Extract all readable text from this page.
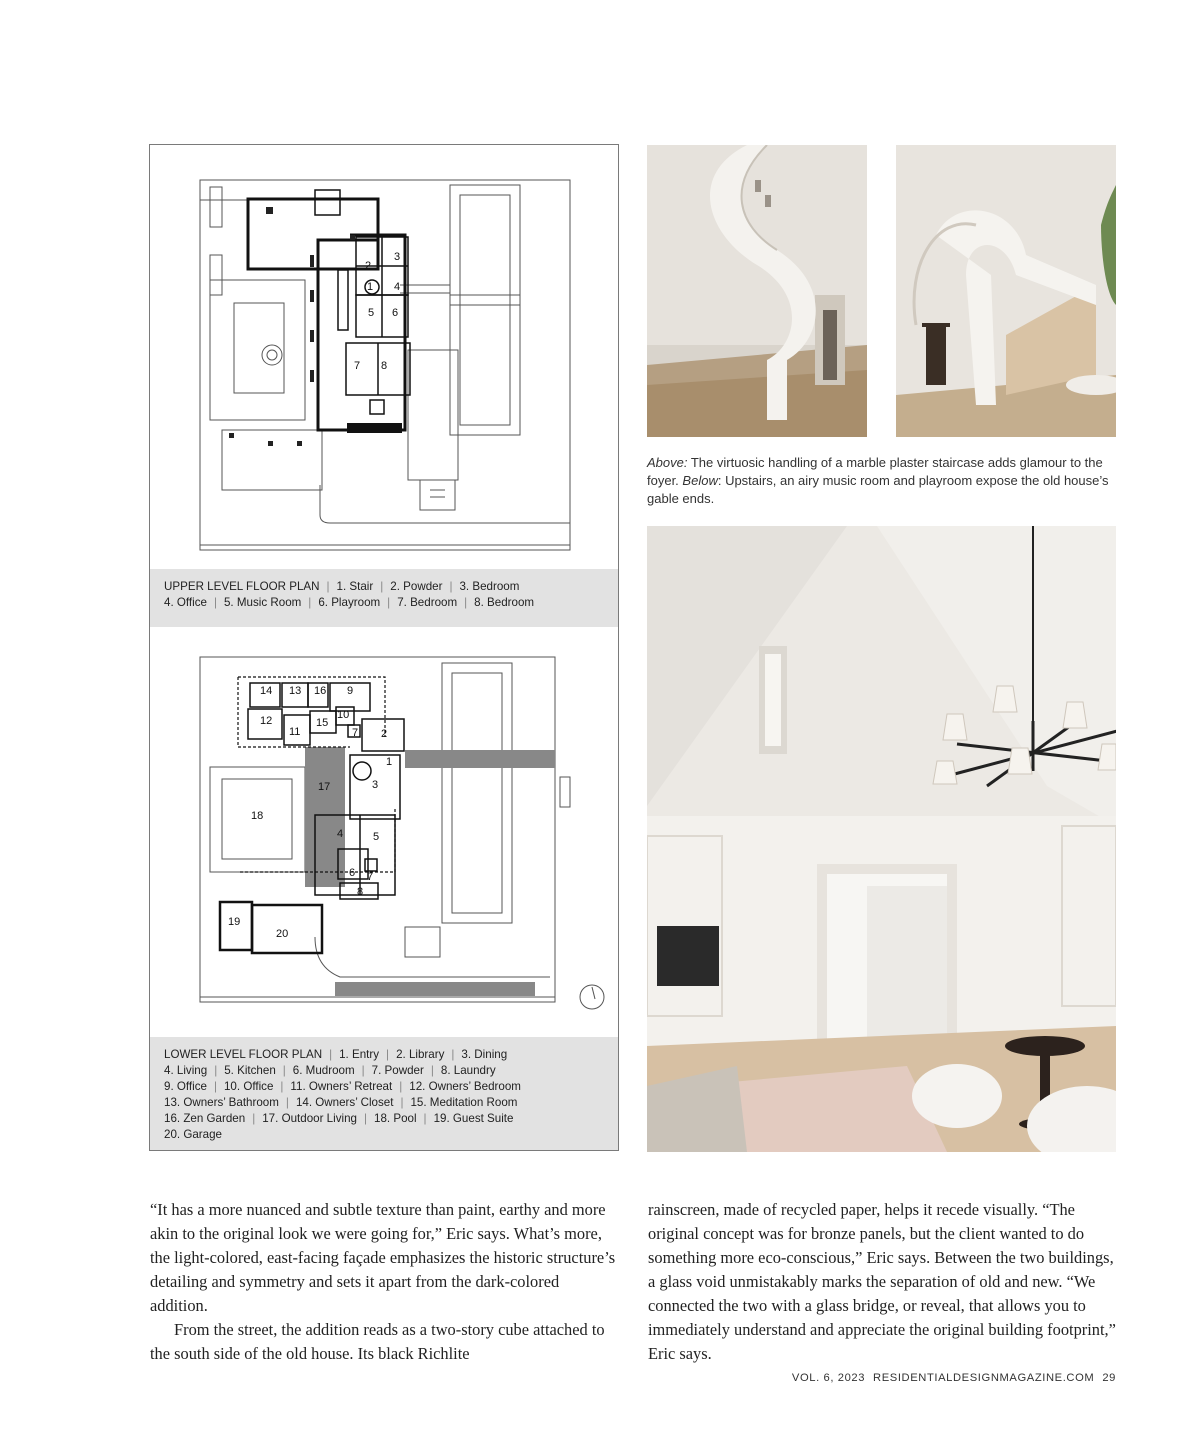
3
2
1 4
5 6
7 8
UPPER LEVEL FLOOR PLAN | 1. Stair | 2. Powder | 3. Bedroom
4. Office | 5. Music Room | 6. Playroom | 7. Bedroom | 8. Bedroom
14 13 16 9
10
12	15
11	7 2
1
17	3
18
4	5
6 7
8
19
20
LOWER LEVEL FLOOR PLAN | 1. Entry | 2. Library | 3. Dining
4. Living | 5. Kitchen | 6. Mudroom | 7. Powder | 8. Laundry
9. Office | 10. Office | 11. Owners’ Retreat | 12. Owners’ Bedroom
13. Owners’ Bathroom | 14. Owners’ Closet | 15. Meditation Room
16. Zen Garden | 17. Outdoor Living | 18. Pool | 19. Guest Suite
20. Garage
Above: The virtuosic handling of a marble plaster staircase adds glamour to the foyer. Below: Upstairs, an airy music room and playroom expose the old house’s gable ends.

“It has a more nuanced and subtle texture than paint, earthy and more akin to the original look we were going for,” Eric says. What’s more, the light-colored, east-facing façade emphasizes the historic structure’s detailing and symmetry and sets it apart from the dark-colored addition.

From the street, the addition reads as a two-story cube attached to the south side of the old house. Its black Richlite

rainscreen, made of recycled paper, helps it recede visually. “The original concept was for bronze panels, but the client wanted to do something more eco-conscious,” Eric says. Between the two buildings, a glass void unmistakably marks the separation of old and new. “We connected the two with a glass bridge, or reveal, that allows you to immediately understand and appreciate the original building footprint,” Eric says.

VOL. 6, 2023 RESIDENTIALDESIGNMAGAZINE.COM 29
